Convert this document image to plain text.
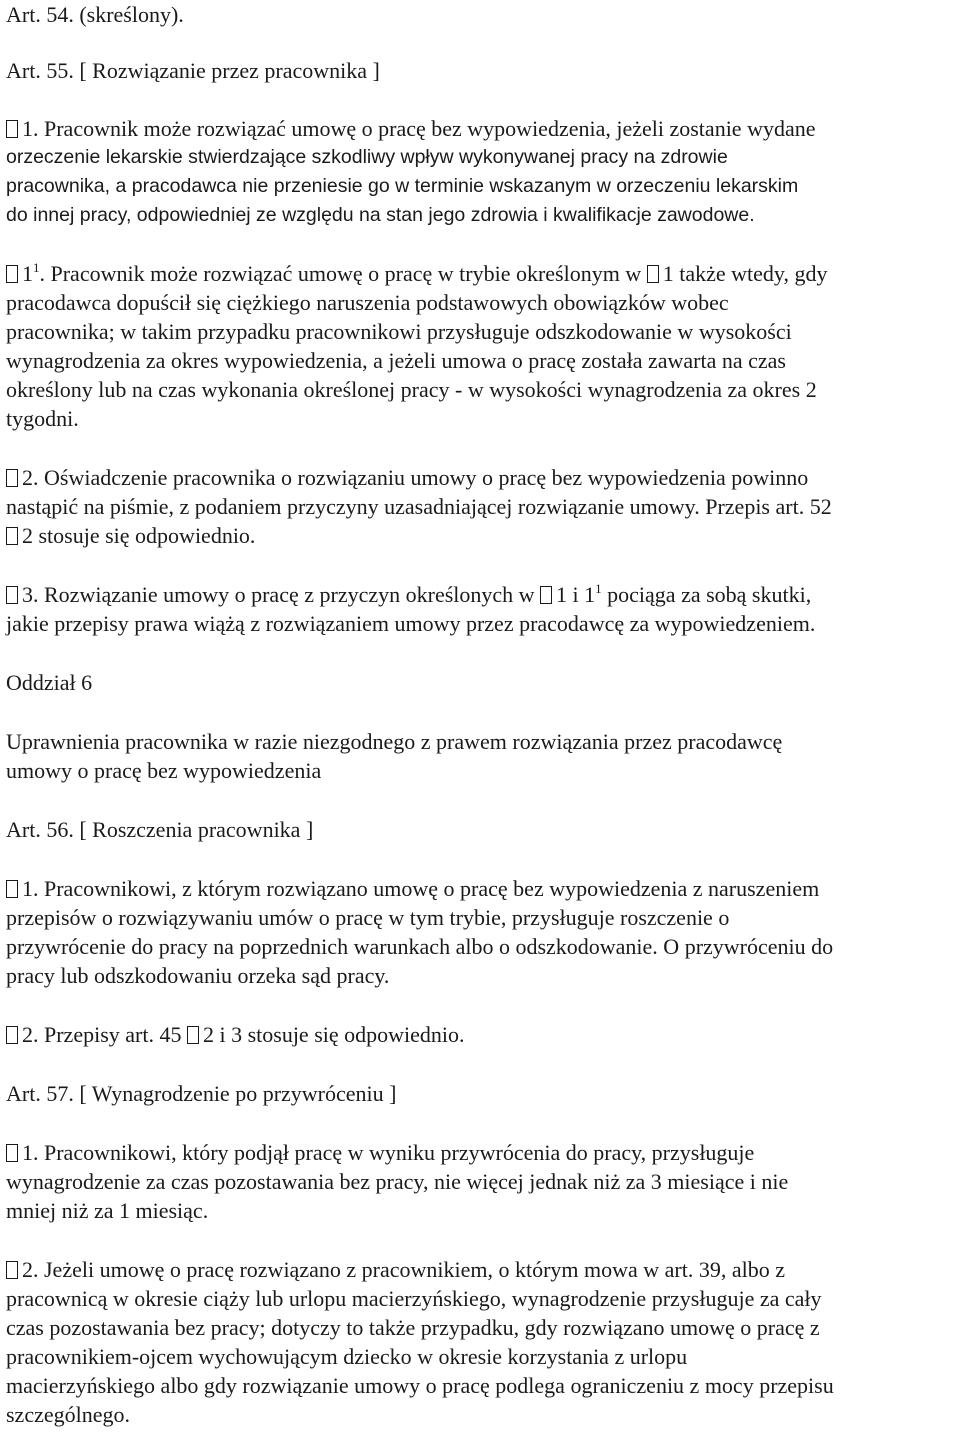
Art. 54. (skreślony).
Art. 55. [ Rozwiązanie przez pracownika ]
1. Pracownik może rozwiązać umowę o pracę bez wypowiedzenia, jeżeli zostanie wydane
orzeczenie lekarskie stwierdzające szkodliwy wpływ wykonywanej pracy na zdrowie
pracownika, a pracodawca nie przeniesie go w terminie wskazanym w orzeczeniu lekarskim
do innej pracy, odpowiedniej ze względu na stan jego zdrowia i kwalifikacje zawodowe.
$1^1$. Pracownik może rozwiązać umowę o pracę w trybie określonym w 1 także wtedy, gdy
pracodawca dopuścił się ciężkiego naruszenia podstawowych obowiązków wobec
pracownika; w takim przypadku pracownikowi przysługuje odszkodowanie w wysokości
wynagrodzenia za okres wypowiedzenia, a jeżeli umowa o pracę została zawarta na czas
określony lub na czas wykonania określonej pracy - w wysokości wynagrodzenia za okres 2
tygodni.
2. Oświadczenie pracownika o rozwiązaniu umowy o pracę bez wypowiedzenia powinno
nastąpić na piśmie, z podaniem przyczyny uzasadniającej rozwiązanie umowy. Przepis art. 52
2 stosuje się odpowiednio.
3. Rozwiązanie umowy o pracę z przyczyn określonych w 1 i $1^1$ pociąga za sobą skutki,
jakie przepisy prawa wiążą z rozwiązaniem umowy przez pracodawcę za wypowiedzeniem.
Oddział 6
Uprawnienia pracownika w razie niezgodnego z prawem rozwiązania przez pracodawcę
umowy o pracę bez wypowiedzenia
Art. 56. [ Roszczenia pracownika ]
1. Pracownikowi, z którym rozwiązano umowę o pracę bez wypowiedzenia z naruszeniem
przepisów o rozwiązywaniu umów o pracę w tym trybie, przysługuje roszczenie o
przywrócenie do pracy na poprzednich warunkach albo o odszkodowanie. O przywróceniu do
pracy lub odszkodowaniu orzeka sąd pracy.
2. Przepisy art. 45 2 i 3 stosuje się odpowiednio.
Art. 57. [ Wynagrodzenie po przywróceniu ]
1. Pracownikowi, który podjął pracę w wyniku przywrócenia do pracy, przysługuje
wynagrodzenie za czas pozostawania bez pracy, nie więcej jednak niż za 3 miesiące i nie
mniej niż za 1 miesiąc.
2. Jeżeli umowę o pracę rozwiązano z pracownikiem, o którym mowa w art. 39, albo z
pracownicą w okresie ciąży lub urlopu macierzyńskiego, wynagrodzenie przysługuje za cały
czas pozostawania bez pracy; dotyczy to także przypadku, gdy rozwiązano umowę o pracę z
pracownikiem-ojcem wychowującym dziecko w okresie korzystania z urlopu
macierzyńskiego albo gdy rozwiązanie umowy o pracę podlega ograniczeniu z mocy przepisu
szczególnego.
